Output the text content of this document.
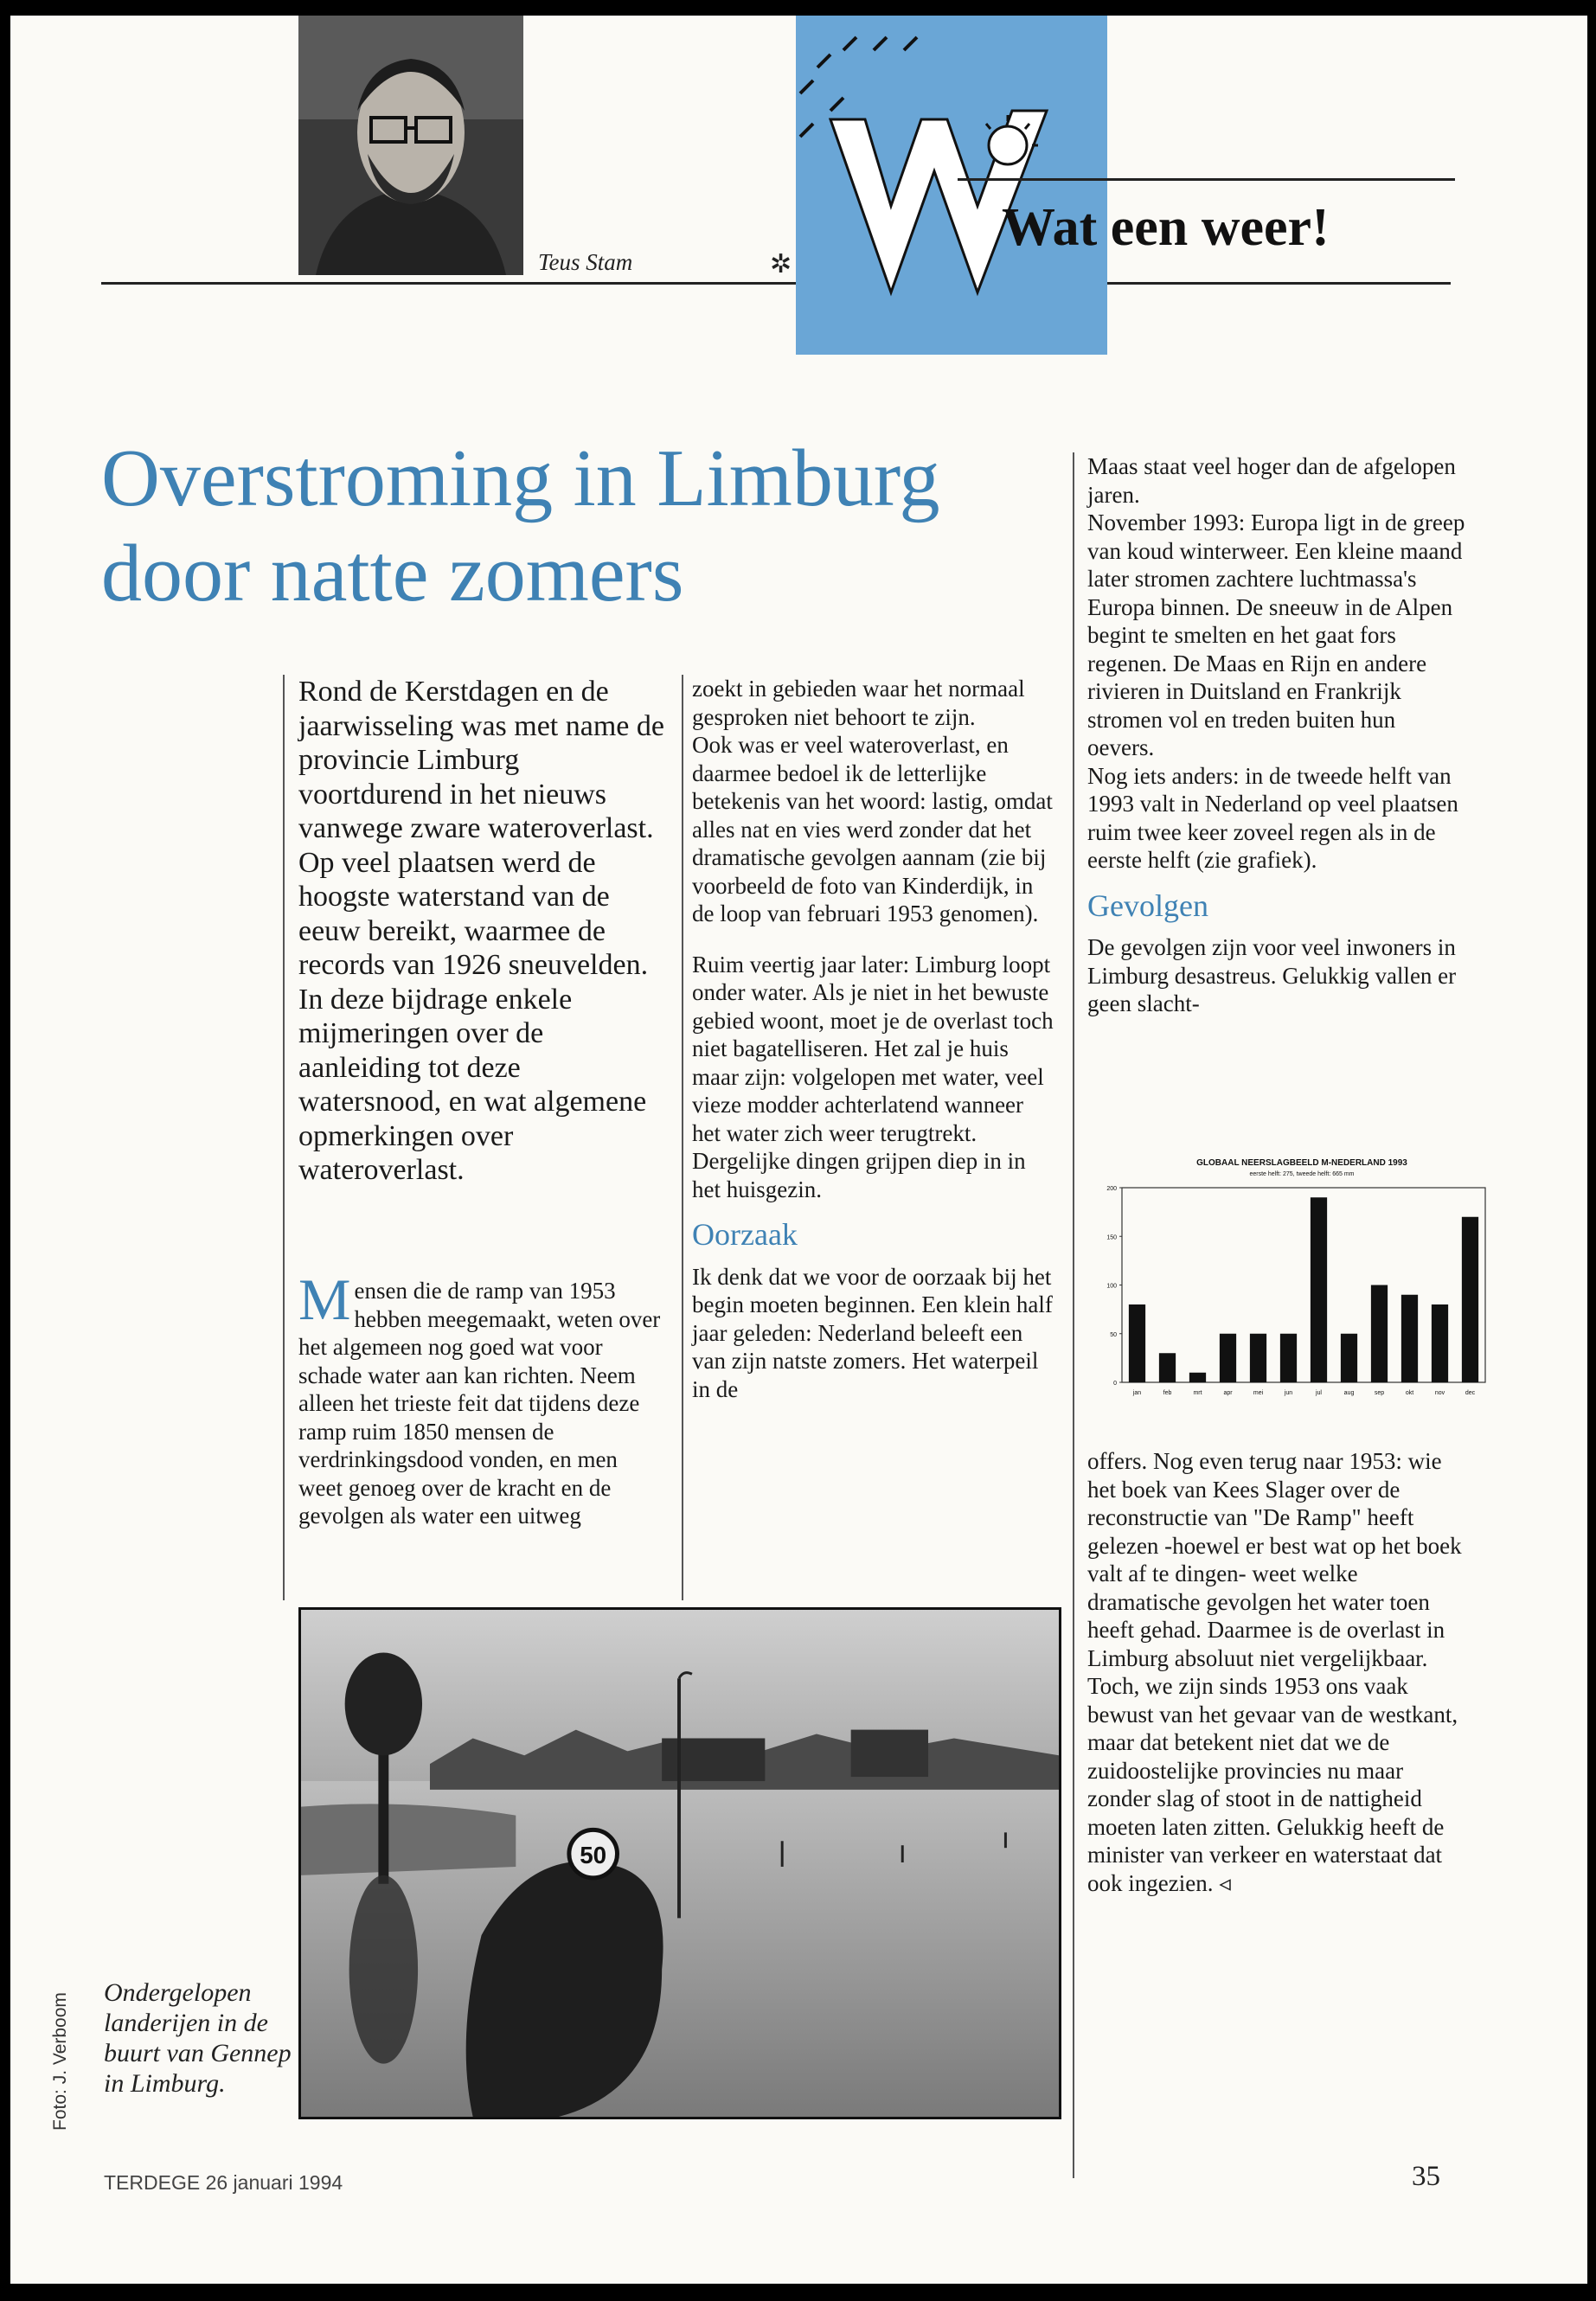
Teus Stam
Wat een weer!
✲
Overstroming in Limburg
door natte zomers
Rond de Kerstdagen en de jaarwisseling was met name de provincie Limburg voortdurend in het nieuws vanwege zware wateroverlast. Op veel plaatsen werd de hoogste waterstand van de eeuw bereikt, waarmee de records van 1926 sneuvelden. In deze bijdrage enkele mijmeringen over de aanleiding tot deze watersnood, en wat algemene opmerkingen over wateroverlast.

Mensen die de ramp van 1953 hebben meegemaakt, weten over het algemeen nog goed wat voor schade water aan kan richten. Neem alleen het trieste feit dat tijdens deze ramp ruim 1850 mensen de verdrinkingsdood vonden, en men weet genoeg over de kracht en de gevolgen als water een uitweg

zoekt in gebieden waar het normaal gesproken niet behoort te zijn.

Ook was er veel wateroverlast, en daarmee bedoel ik de letterlijke betekenis van het woord: lastig, omdat alles nat en vies werd zonder dat het dramatische gevolgen aannam (zie bij voorbeeld de foto van Kinderdijk, in de loop van februari 1953 genomen).

Ruim veertig jaar later: Limburg loopt onder water. Als je niet in het bewuste gebied woont, moet je de overlast toch niet bagatelliseren. Het zal je huis maar zijn: volgelopen met water, veel vieze modder achterlatend wanneer het water zich weer terugtrekt. Dergelijke dingen grijpen diep in in het huisgezin.

Oorzaak

Ik denk dat we voor de oorzaak bij het begin moeten beginnen. Een klein half jaar geleden: Nederland beleeft een van zijn natste zomers. Het waterpeil in de

Maas staat veel hoger dan de afgelopen jaren.

November 1993: Europa ligt in de greep van koud winterweer. Een kleine maand later stromen zachtere luchtmassa's Europa binnen. De sneeuw in de Alpen begint te smelten en het gaat fors regenen. De Maas en Rijn en andere rivieren in Duitsland en Frankrijk stromen vol en treden buiten hun oevers.

Nog iets anders: in de tweede helft van 1993 valt in Nederland op veel plaatsen ruim twee keer zoveel regen als in de eerste helft (zie grafiek).

Gevolgen

De gevolgen zijn voor veel inwoners in Limburg desastreus. Gelukkig vallen er geen slacht-

GLOBAAL NEERSLAGBEELD M-NEDERLAND 1993
eerste helft: 275, tweede helft: 665 mm
0
50
100
150
200
jan	feb	mrt	apr	mei	jun	jul	aug	sep	okt	nov	dec

offers. Nog even terug naar 1953: wie het boek van Kees Slager over de reconstructie van "De Ramp" heeft gelezen -hoewel er best wat op het boek valt af te dingen- weet welke dramatische gevolgen het water toen heeft gehad. Daarmee is de overlast in Limburg absoluut niet vergelijkbaar. Toch, we zijn sinds 1953 ons vaak bewust van het gevaar van de westkant, maar dat betekent niet dat we de zuidoostelijke provincies nu maar zonder slag of stoot in de nattigheid moeten laten zitten. Gelukkig heeft de minister van verkeer en waterstaat dat ook ingezien. ◃

50
Foto: J. Verboom Ondergelopen landerijen in de buurt van Gennep in Limburg.
TERDEGE 26 januari 1994	35
